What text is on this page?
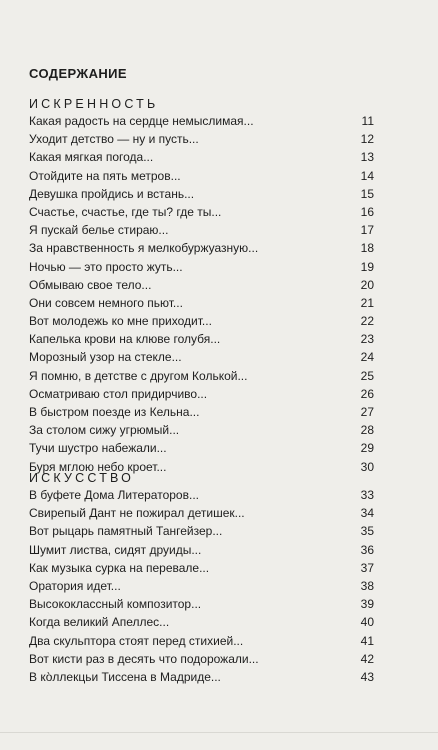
СОДЕРЖАНИЕ
ИСКРЕННОСТЬ
Какая радость на сердце немыслимая...	11
Уходит детство — ну и пусть...	12
Какая мягкая погода...	13
Отойдите на пять метров...	14
Девушка пройдись и встань...	15
Счастье, счастье, где ты? где ты...	16
Я пускай белье стираю...	17
За нравственность я мелкобуржуазную...	18
Ночью — это просто жуть...	19
Обмываю свое тело...	20
Они совсем немного пьют...	21
Вот молодежь ко мне приходит...	22
Капелька крови на клюве голубя...	23
Морозный узор на стекле...	24
Я помню, в детстве с другом Колькой...	25
Осматриваю стол придирчиво...	26
В быстром поезде из Кельна...	27
За столом сижу угрюмый...	28
Тучи шустро набежали...	29
Буря мглою небо кроет...	30
ИСКУССТВО
В буфете Дома Литераторов...	33
Свирепый Дант не пожирал детишек...	34
Вот рыцарь памятный Тангейзер...	35
Шумит листва, сидят друиды...	36
Как музыка сурка на перевале...	37
Оратория идет...	38
Высококлассный композитор...	39
Когда великий Апеллес...	40
Два скульптора стоят перед стихией...	41
Вот кисти раз в десять что подорожали...	42
В ко̀ллекцьи Тиссена в Мадриде...	43
